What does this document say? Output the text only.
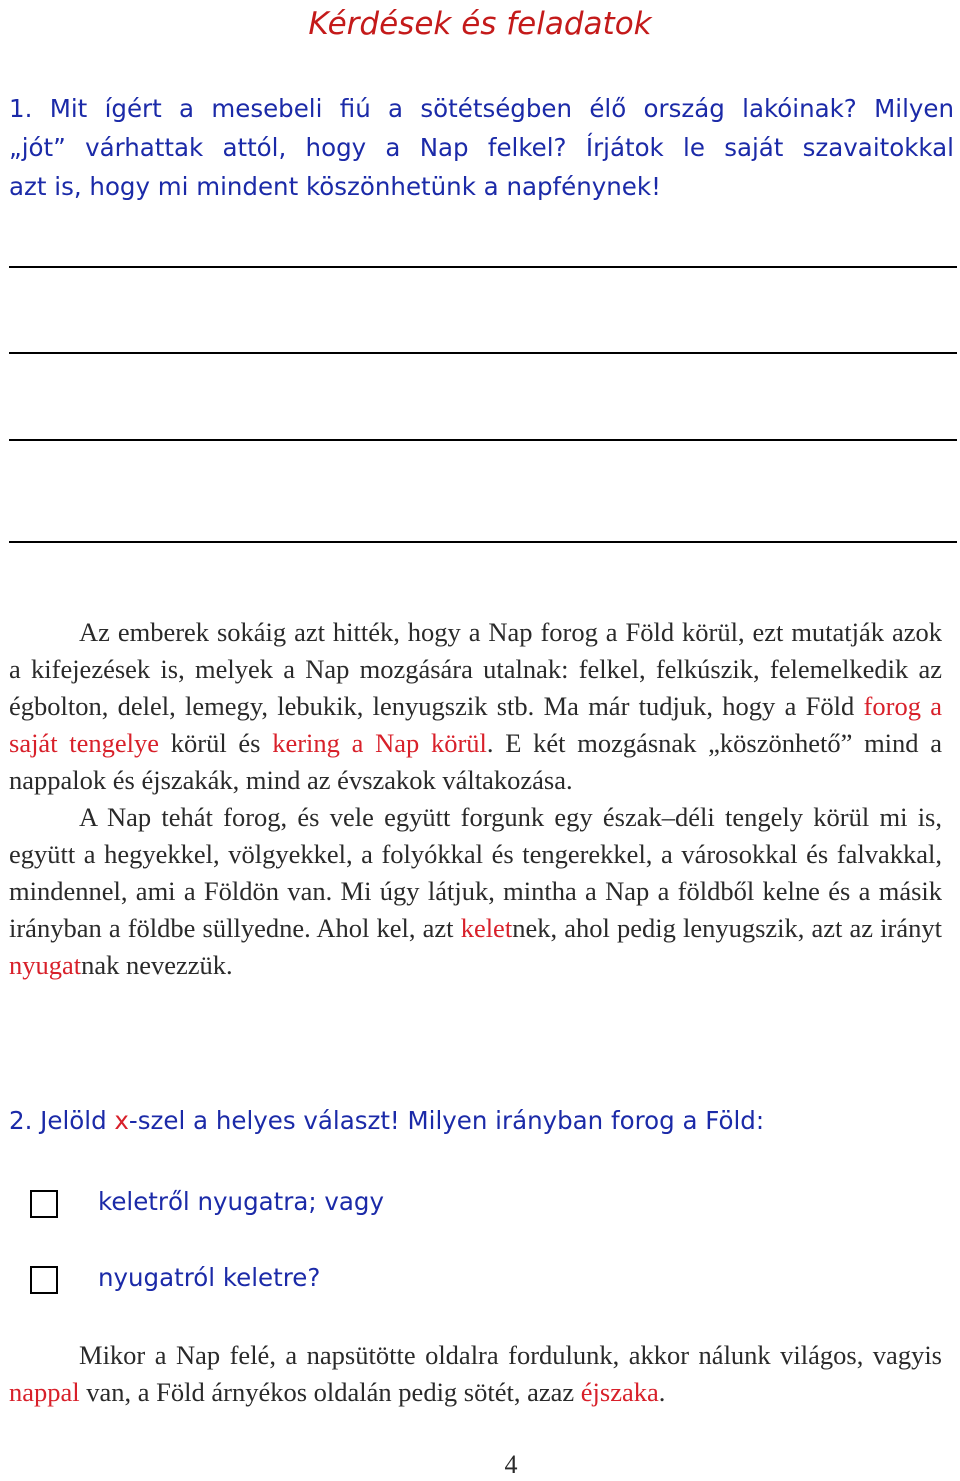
Kérdések és feladatok
1. Mit ígért a mesebeli fiú a sötétségben élő ország lakóinak? Milyen
„jót” várhattak attól, hogy a Nap felkel? Írjátok le saját szavaitokkal
azt is, hogy mi mindent köszönhetünk a napfénynek!

Az emberek sokáig azt hitték, hogy a Nap forog a Föld körül, ezt mutatják azok a kifejezések is, melyek a Nap mozgására utalnak: felkel, felkúszik, felemelkedik az égbolton, delel, lemegy, lebukik, lenyugszik stb. Ma már tudjuk, hogy a Föld forog a saját tengelye körül és kering a Nap körül. E két mozgásnak „köszönhető” mind a nappalok és éjszakák, mind az évszakok váltakozása.

A Nap tehát forog, és vele együtt forgunk egy észak–déli tengely körül mi is, együtt a hegyekkel, völgyekkel, a folyókkal és tengerekkel, a városokkal és falvakkal, mindennel, ami a Földön van. Mi úgy látjuk, mintha a Nap a földből kelne és a másik irányban a földbe süllyedne. Ahol kel, azt keletnek, ahol pedig lenyugszik, azt az irányt nyugatnak nevezzük.

2. Jelöld x-szel a helyes választ! Milyen irányban forog a Föld:
keletről nyugatra; vagy
nyugatról keletre?

Mikor a Nap felé, a napsütötte oldalra fordulunk, akkor nálunk világos, vagyis nappal van, a Föld árnyékos oldalán pedig sötét, azaz éjszaka.

4
